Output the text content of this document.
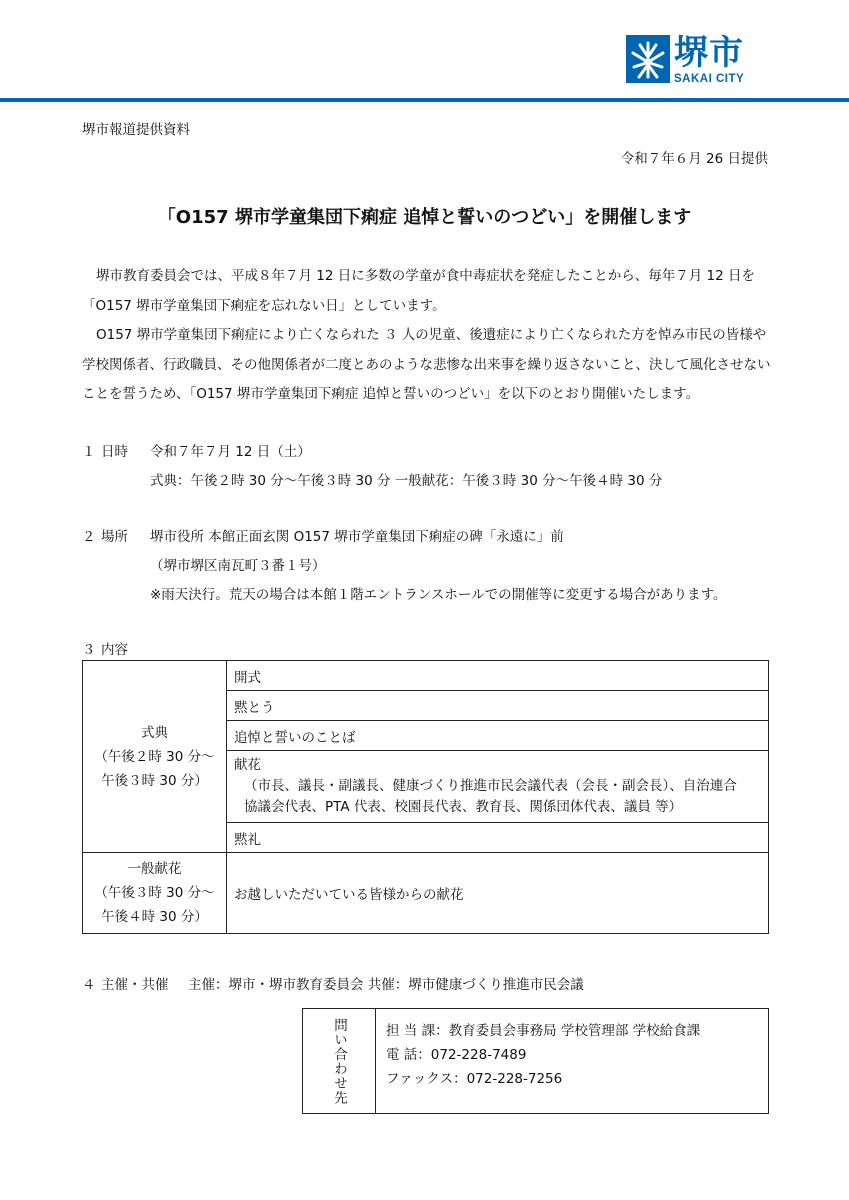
堺市
SAKAI CITY
堺市報道提供資料
令和７年６月 26 日提供
「O157 堺市学童集団下痢症 追悼と誓いのつどい」を開催します
堺市教育委員会では、平成８年７月 12 日に多数の学童が食中毒症状を発症したことから、毎年７月 12 日を「O157 堺市学童集団下痢症を忘れない日」としています。
O157 堺市学童集団下痢症により亡くなられた ３ 人の児童、後遺症により亡くなられた方を悼み市民の皆様や学校関係者、行政職員、その他関係者が二度とあのような悲惨な出来事を繰り返さないこと、決して風化させないことを誓うため、「O157 堺市学童集団下痢症 追悼と誓いのつどい」を以下のとおり開催いたします。
１ 日時 令和７年７月 12 日（土）
式典：午後２時 30 分～午後３時 30 分 一般献花：午後３時 30 分～午後４時 30 分
２ 場所 堺市役所 本館正面玄関 O157 堺市学童集団下痢症の碑「永遠に」前
（堺市堺区南瓦町３番１号）
※雨天決行。荒天の場合は本館１階エントランスホールでの開催等に変更する場合があります。
３ 内容
式典
（午後２時 30 分～
午後３時 30 分）	開式
	黙とう
	追悼と誓いのことば
	献花
（市長、議長・副議長、健康づくり推進市民会議代表（会長・副会長）、自治連合
協議会代表、PTA 代表、校園長代表、教育長、関係団体代表、議員 等）

	黙礼

一般献花
（午後３時 30 分～
午後４時 30 分）	お越しいただいている皆様からの献花
４ 主催・共催 主催：堺市・堺市教育委員会 共催：堺市健康づくり推進市民会議
問い合わせ先	担 当 課：教育委員会事務局 学校管理部 学校給食課
電 話：072-228-7489
ファックス：072-228-7256
